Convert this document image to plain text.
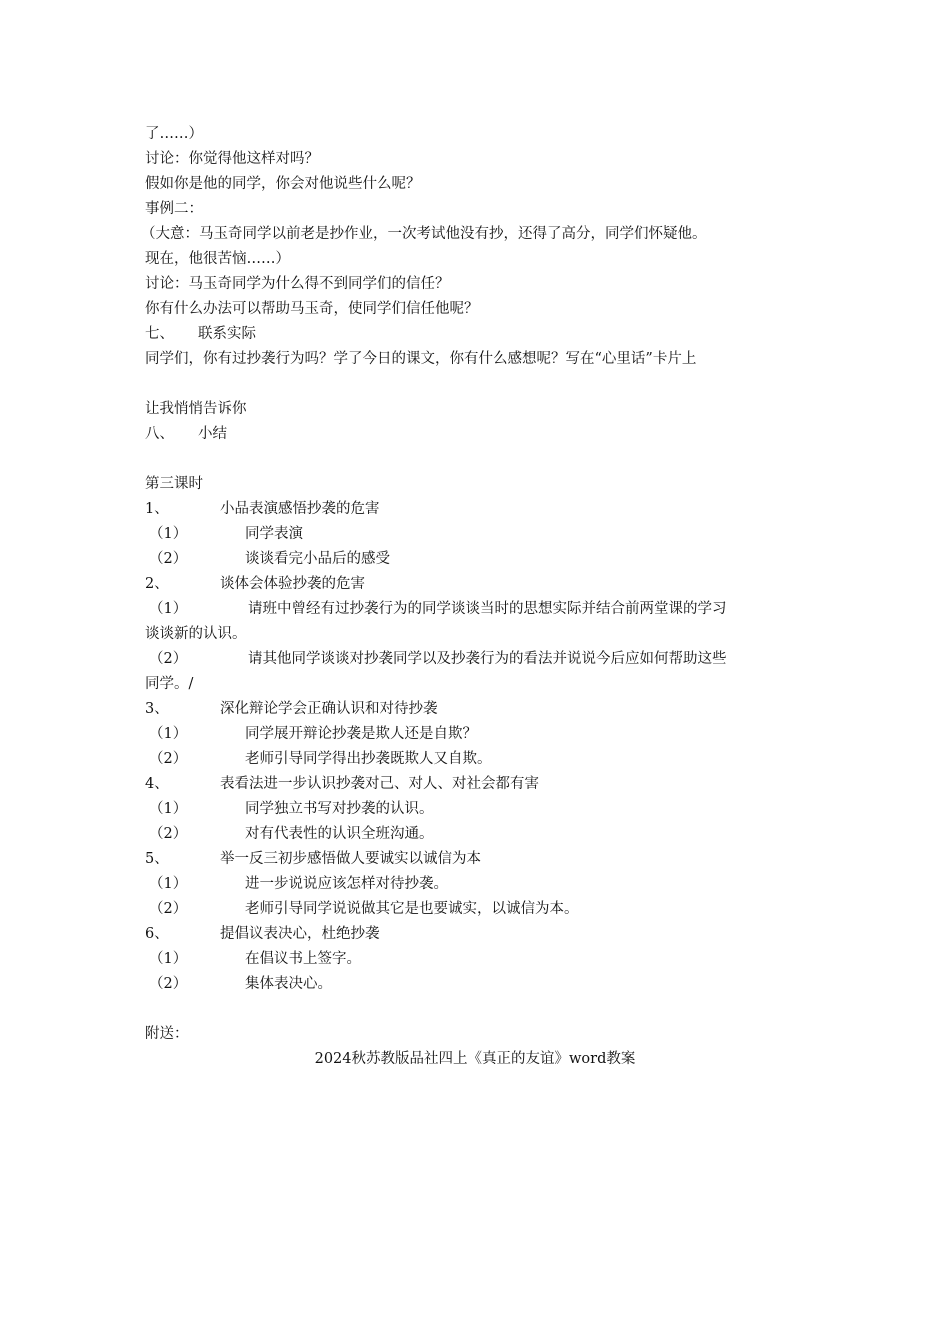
了……）
讨论：你觉得他这样对吗？
假如你是他的同学，你会对他说些什么呢？
事例二：
（大意：马玉奇同学以前老是抄作业，一次考试他没有抄，还得了高分，同学们怀疑他。
现在，他很苦恼……）
讨论：马玉奇同学为什么得不到同学们的信任？
你有什么办法可以帮助马玉奇，使同学们信任他呢？
七、 联系实际
同学们，你有过抄袭行为吗？学了今日的课文，你有什么感想呢？写在“心里话”卡片上
让我悄悄告诉你
八、 小结
第三课时
1、	小品表演感悟抄袭的危害
（1）	同学表演
（2）	谈谈看完小品后的感受
2、	谈体会体验抄袭的危害
（1）	请班中曾经有过抄袭行为的同学谈谈当时的思想实际并结合前两堂课的学习
谈谈新的认识。
（2）	请其他同学谈谈对抄袭同学以及抄袭行为的看法并说说今后应如何帮助这些
同学。/
3、	深化辩论学会正确认识和对待抄袭
（1）	同学展开辩论抄袭是欺人还是自欺？
（2）	老师引导同学得出抄袭既欺人又自欺。
4、	表看法进一步认识抄袭对己、对人、对社会都有害
（1）	同学独立书写对抄袭的认识。
（2）	对有代表性的认识全班沟通。
5、	举一反三初步感悟做人要诚实以诚信为本
（1）	进一步说说应该怎样对待抄袭。
（2）	老师引导同学说说做其它是也要诚实，以诚信为本。
6、	提倡议表决心，杜绝抄袭
（1）	在倡议书上签字。
（2）	集体表决心。
附送：
2024秋苏教版品社四上《真正的友谊》word教案
